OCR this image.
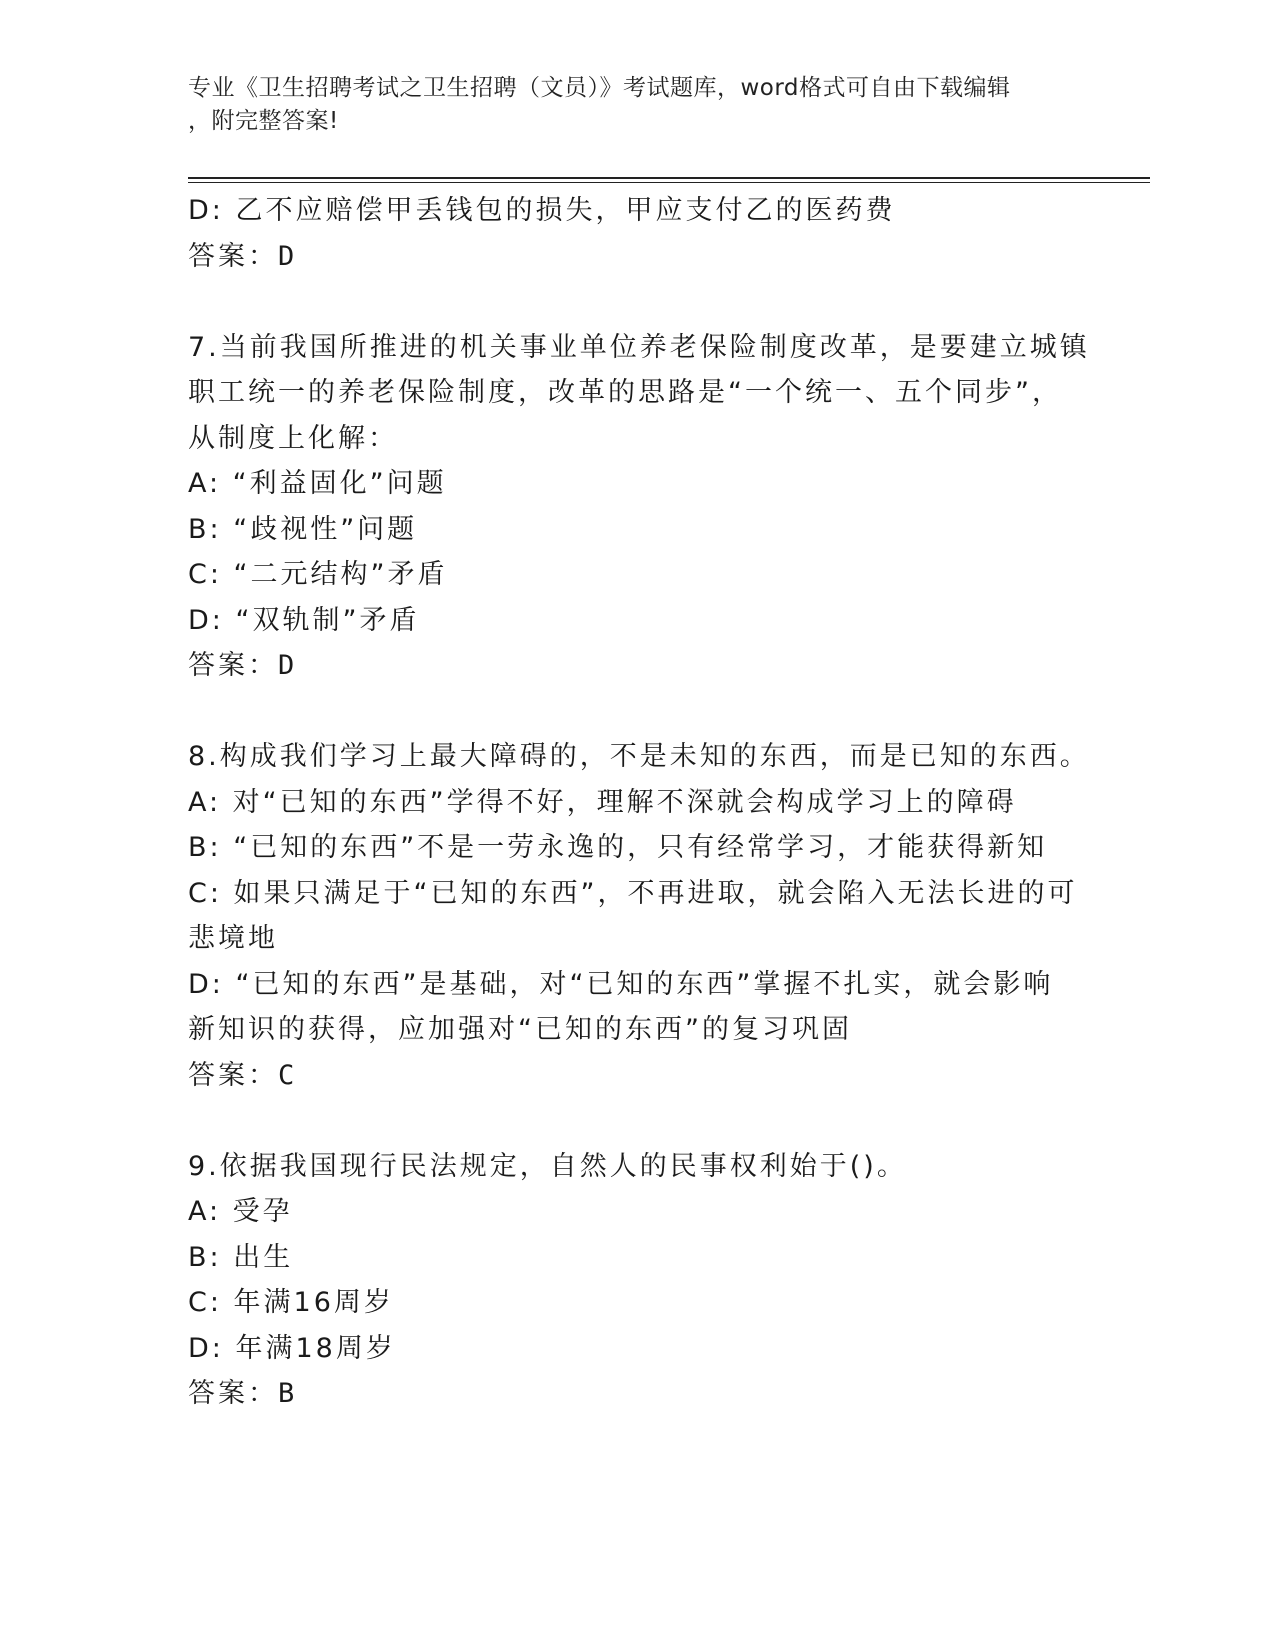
专业《卫生招聘考试之卫生招聘（文员）》考试题库，word格式可自由下载编辑
，附完整答案!

D: 乙不应赔偿甲丢钱包的损失，甲应支付乙的医药费

答案：D

7.当前我国所推进的机关事业单位养老保险制度改革，是要建立城镇

职工统一的养老保险制度，改革的思路是“一个统一、五个同步”，

从制度上化解：

A: “利益固化”问题

B: “歧视性”问题

C: “二元结构”矛盾

D: “双轨制”矛盾

答案：D

8.构成我们学习上最大障碍的，不是未知的东西，而是已知的东西。

A: 对“已知的东西”学得不好，理解不深就会构成学习上的障碍

B: “已知的东西”不是一劳永逸的，只有经常学习，才能获得新知

C: 如果只满足于“已知的东西”，不再进取，就会陷入无法长进的可

悲境地

D: “已知的东西”是基础，对“已知的东西”掌握不扎实，就会影响

新知识的获得，应加强对“已知的东西”的复习巩固

答案：C

9.依据我国现行民法规定，自然人的民事权利始于()。

A: 受孕

B: 出生

C: 年满16周岁

D: 年满18周岁

答案：B
